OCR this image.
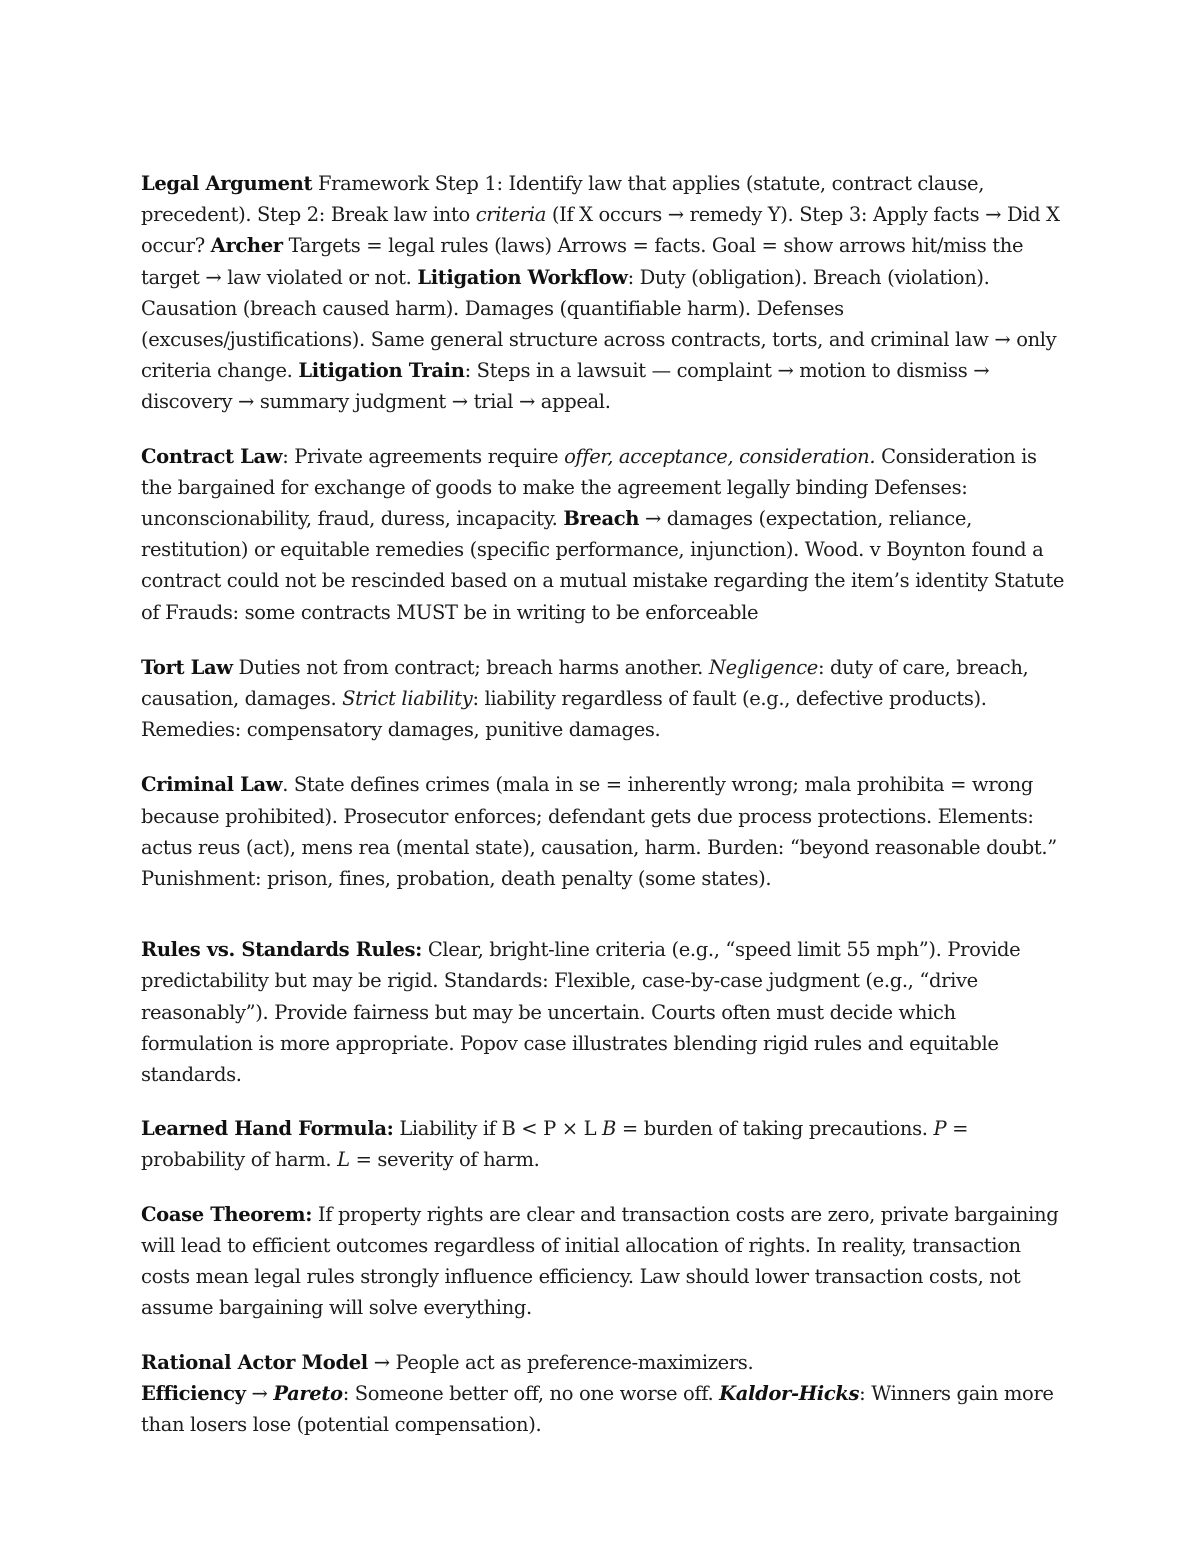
Legal Argument Framework Step 1: Identify law that applies (statute, contract clause, precedent). Step 2: Break law into criteria (If X occurs → remedy Y). Step 3: Apply facts → Did X occur? Archer Targets = legal rules (laws) Arrows = facts. Goal = show arrows hit/miss the target → law violated or not. Litigation Workflow: Duty (obligation). Breach (violation). Causation (breach caused harm). Damages (quantifiable harm). Defenses (excuses/justifications). Same general structure across contracts, torts, and criminal law → only criteria change. Litigation Train: Steps in a lawsuit — complaint → motion to dismiss → discovery → summary judgment → trial → appeal.

Contract Law: Private agreements require offer, acceptance, consideration. Consideration is the bargained for exchange of goods to make the agreement legally binding Defenses: unconscionability, fraud, duress, incapacity. Breach → damages (expectation, reliance, restitution) or equitable remedies (specific performance, injunction). Wood. v Boynton found a contract could not be rescinded based on a mutual mistake regarding the item’s identity Statute of Frauds: some contracts MUST be in writing to be enforceable

Tort Law Duties not from contract; breach harms another. Negligence: duty of care, breach, causation, damages. Strict liability: liability regardless of fault (e.g., defective products). Remedies: compensatory damages, punitive damages.

Criminal Law. State defines crimes (mala in se = inherently wrong; mala prohibita = wrong because prohibited). Prosecutor enforces; defendant gets due process protections. Elements: actus reus (act), mens rea (mental state), causation, harm. Burden: “beyond reasonable doubt.” Punishment: prison, fines, probation, death penalty (some states).

Rules vs. Standards Rules: Clear, bright-line criteria (e.g., “speed limit 55 mph”). Provide predictability but may be rigid. Standards: Flexible, case-by-case judgment (e.g., “drive reasonably”). Provide fairness but may be uncertain. Courts often must decide which formulation is more appropriate. Popov case illustrates blending rigid rules and equitable standards.

Learned Hand Formula: Liability if B < P × L B = burden of taking precautions. P = probability of harm. L = severity of harm.

Coase Theorem: If property rights are clear and transaction costs are zero, private bargaining will lead to efficient outcomes regardless of initial allocation of rights. In reality, transaction costs mean legal rules strongly influence efficiency. Law should lower transaction costs, not assume bargaining will solve everything.

Rational Actor Model → People act as preference-maximizers.
Efficiency → Pareto: Someone better off, no one worse off. Kaldor-Hicks: Winners gain more than losers lose (potential compensation).
